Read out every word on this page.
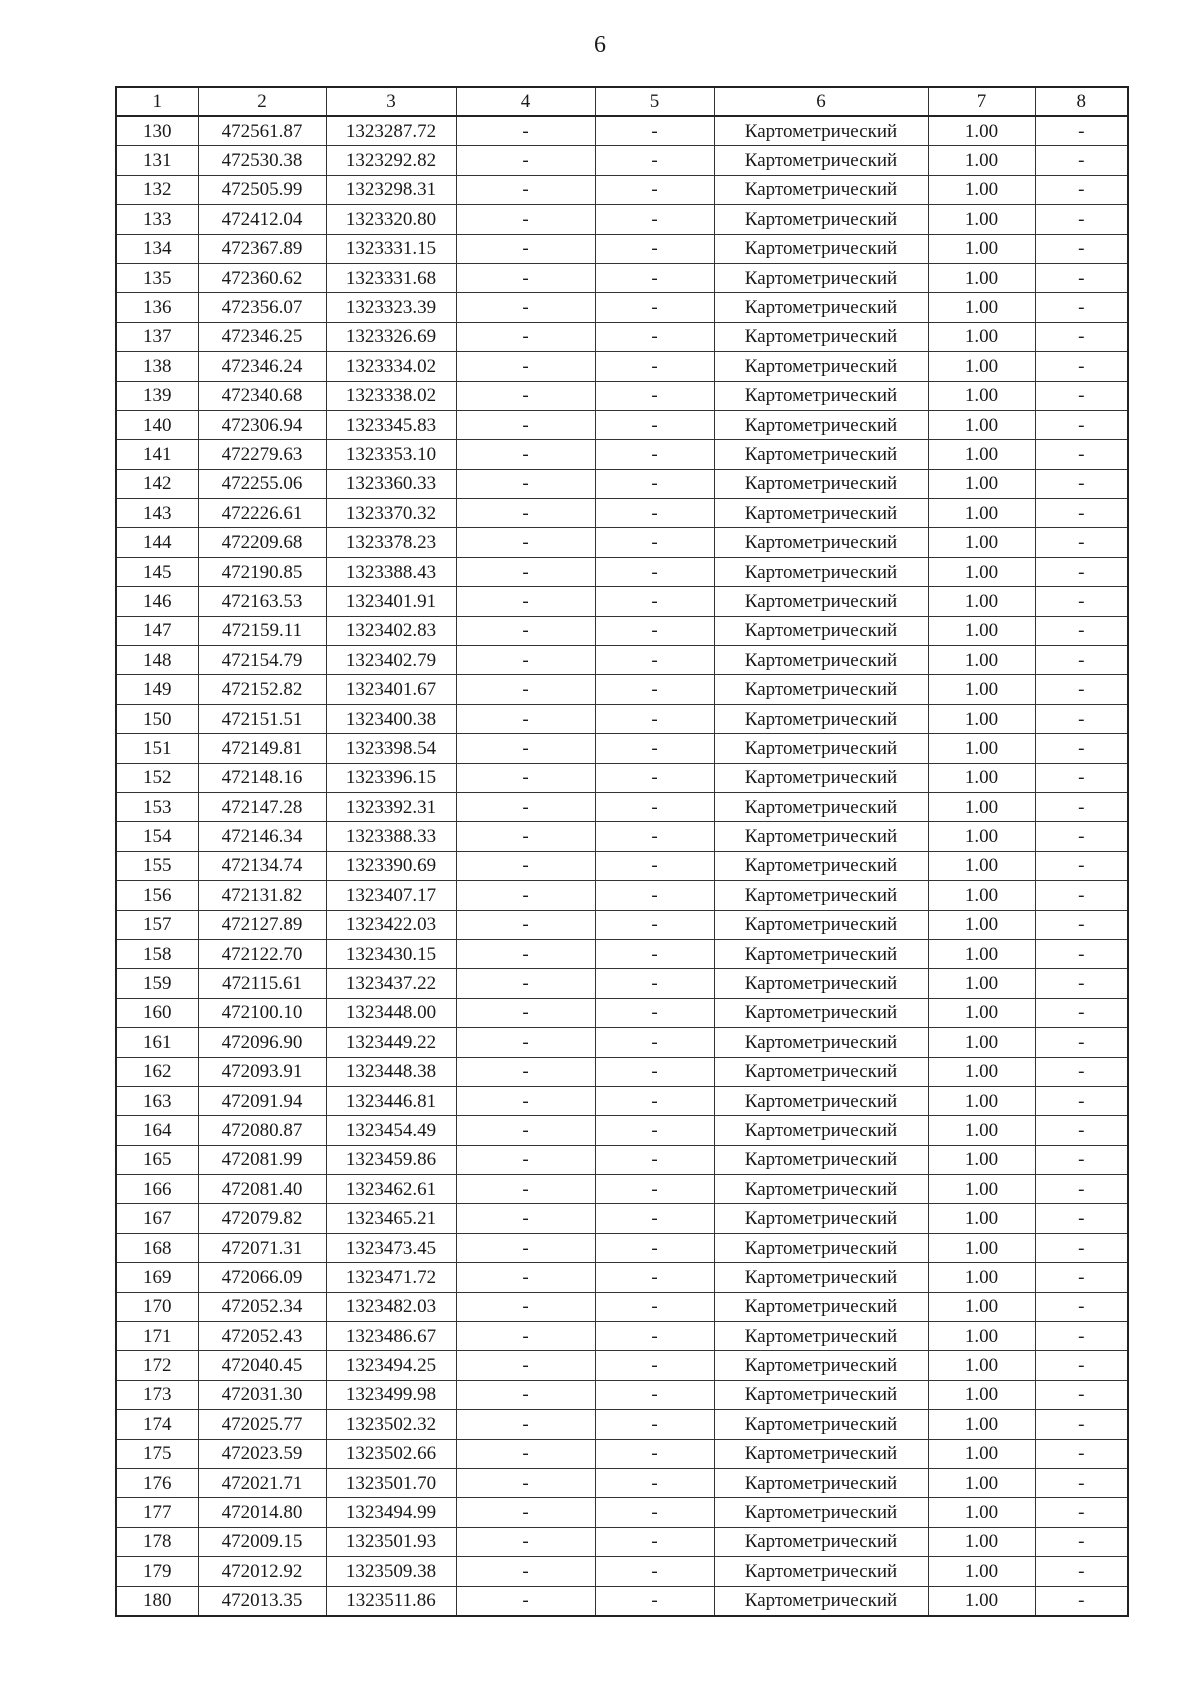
6
1	2	3	4	5	6	7	8
130	472561.87	1323287.72	-	-	Картометрический	1.00	-
131	472530.38	1323292.82	-	-	Картометрический	1.00	-
132	472505.99	1323298.31	-	-	Картометрический	1.00	-
133	472412.04	1323320.80	-	-	Картометрический	1.00	-
134	472367.89	1323331.15	-	-	Картометрический	1.00	-
135	472360.62	1323331.68	-	-	Картометрический	1.00	-
136	472356.07	1323323.39	-	-	Картометрический	1.00	-
137	472346.25	1323326.69	-	-	Картометрический	1.00	-
138	472346.24	1323334.02	-	-	Картометрический	1.00	-
139	472340.68	1323338.02	-	-	Картометрический	1.00	-
140	472306.94	1323345.83	-	-	Картометрический	1.00	-
141	472279.63	1323353.10	-	-	Картометрический	1.00	-
142	472255.06	1323360.33	-	-	Картометрический	1.00	-
143	472226.61	1323370.32	-	-	Картометрический	1.00	-
144	472209.68	1323378.23	-	-	Картометрический	1.00	-
145	472190.85	1323388.43	-	-	Картометрический	1.00	-
146	472163.53	1323401.91	-	-	Картометрический	1.00	-
147	472159.11	1323402.83	-	-	Картометрический	1.00	-
148	472154.79	1323402.79	-	-	Картометрический	1.00	-
149	472152.82	1323401.67	-	-	Картометрический	1.00	-
150	472151.51	1323400.38	-	-	Картометрический	1.00	-
151	472149.81	1323398.54	-	-	Картометрический	1.00	-
152	472148.16	1323396.15	-	-	Картометрический	1.00	-
153	472147.28	1323392.31	-	-	Картометрический	1.00	-
154	472146.34	1323388.33	-	-	Картометрический	1.00	-
155	472134.74	1323390.69	-	-	Картометрический	1.00	-
156	472131.82	1323407.17	-	-	Картометрический	1.00	-
157	472127.89	1323422.03	-	-	Картометрический	1.00	-
158	472122.70	1323430.15	-	-	Картометрический	1.00	-
159	472115.61	1323437.22	-	-	Картометрический	1.00	-
160	472100.10	1323448.00	-	-	Картометрический	1.00	-
161	472096.90	1323449.22	-	-	Картометрический	1.00	-
162	472093.91	1323448.38	-	-	Картометрический	1.00	-
163	472091.94	1323446.81	-	-	Картометрический	1.00	-
164	472080.87	1323454.49	-	-	Картометрический	1.00	-
165	472081.99	1323459.86	-	-	Картометрический	1.00	-
166	472081.40	1323462.61	-	-	Картометрический	1.00	-
167	472079.82	1323465.21	-	-	Картометрический	1.00	-
168	472071.31	1323473.45	-	-	Картометрический	1.00	-
169	472066.09	1323471.72	-	-	Картометрический	1.00	-
170	472052.34	1323482.03	-	-	Картометрический	1.00	-
171	472052.43	1323486.67	-	-	Картометрический	1.00	-
172	472040.45	1323494.25	-	-	Картометрический	1.00	-
173	472031.30	1323499.98	-	-	Картометрический	1.00	-
174	472025.77	1323502.32	-	-	Картометрический	1.00	-
175	472023.59	1323502.66	-	-	Картометрический	1.00	-
176	472021.71	1323501.70	-	-	Картометрический	1.00	-
177	472014.80	1323494.99	-	-	Картометрический	1.00	-
178	472009.15	1323501.93	-	-	Картометрический	1.00	-
179	472012.92	1323509.38	-	-	Картометрический	1.00	-
180	472013.35	1323511.86	-	-	Картометрический	1.00	-
